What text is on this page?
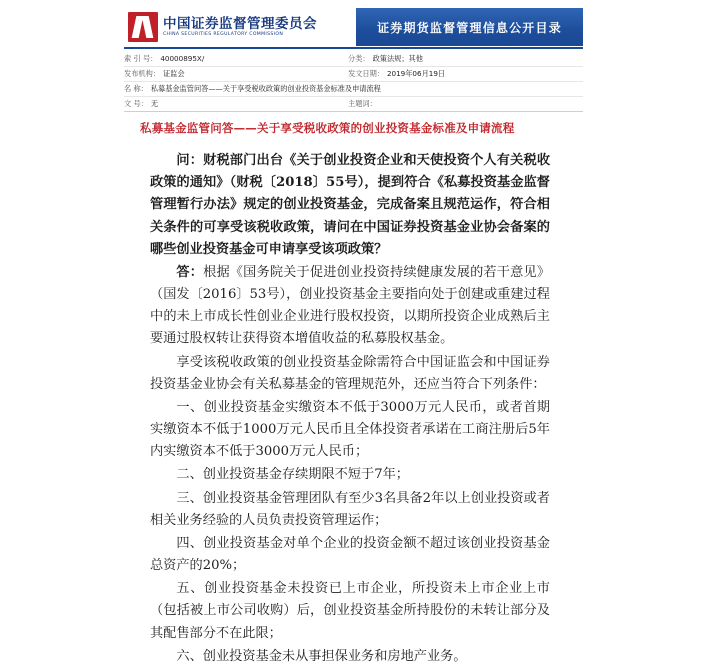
中国证券监督管理委员会
CHINA SECURITIES REGULATORY COMMISSION	证券期货监督管理信息公开目录
索 引 号： 40000895X/	分类： 政策法规；其他
发布机构： 证监会	发文日期： 2019年06月19日
名 称： 私募基金监管问答——关于享受税收政策的创业投资基金标准及申请流程
文 号： 无	主题词：
私募基金监管问答——关于享受税收政策的创业投资基金标准及申请流程

问：财税部门出台《关于创业投资企业和天使投资个人有关税收政策的通知》（财税〔2018〕55号），提到符合《私募投资基金监督管理暂行办法》规定的创业投资基金，完成备案且规范运作，符合相关条件的可享受该税收政策，请问在中国证券投资基金业协会备案的哪些创业投资基金可申请享受该项政策？

答：根据《国务院关于促进创业投资持续健康发展的若干意见》（国发〔2016〕53号），创业投资基金主要指向处于创建或重建过程中的未上市成长性创业企业进行股权投资，以期所投资企业成熟后主要通过股权转让获得资本增值收益的私募股权基金。

享受该税收政策的创业投资基金除需符合中国证监会和中国证券投资基金业协会有关私募基金的管理规范外，还应当符合下列条件：

一、创业投资基金实缴资本不低于3000万元人民币，或者首期实缴资本不低于1000万元人民币且全体投资者承诺在工商注册后5年内实缴资本不低于3000万元人民币；

二、创业投资基金存续期限不短于7年；

三、创业投资基金管理团队有至少3名具备2年以上创业投资或者相关业务经验的人员负责投资管理运作；

四、创业投资基金对单个企业的投资金额不超过该创业投资基金总资产的20%；

五、创业投资基金未投资已上市企业，所投资未上市企业上市（包括被上市公司收购）后，创业投资基金所持股份的未转让部分及其配售部分不在此限；

六、创业投资基金未从事担保业务和房地产业务。
